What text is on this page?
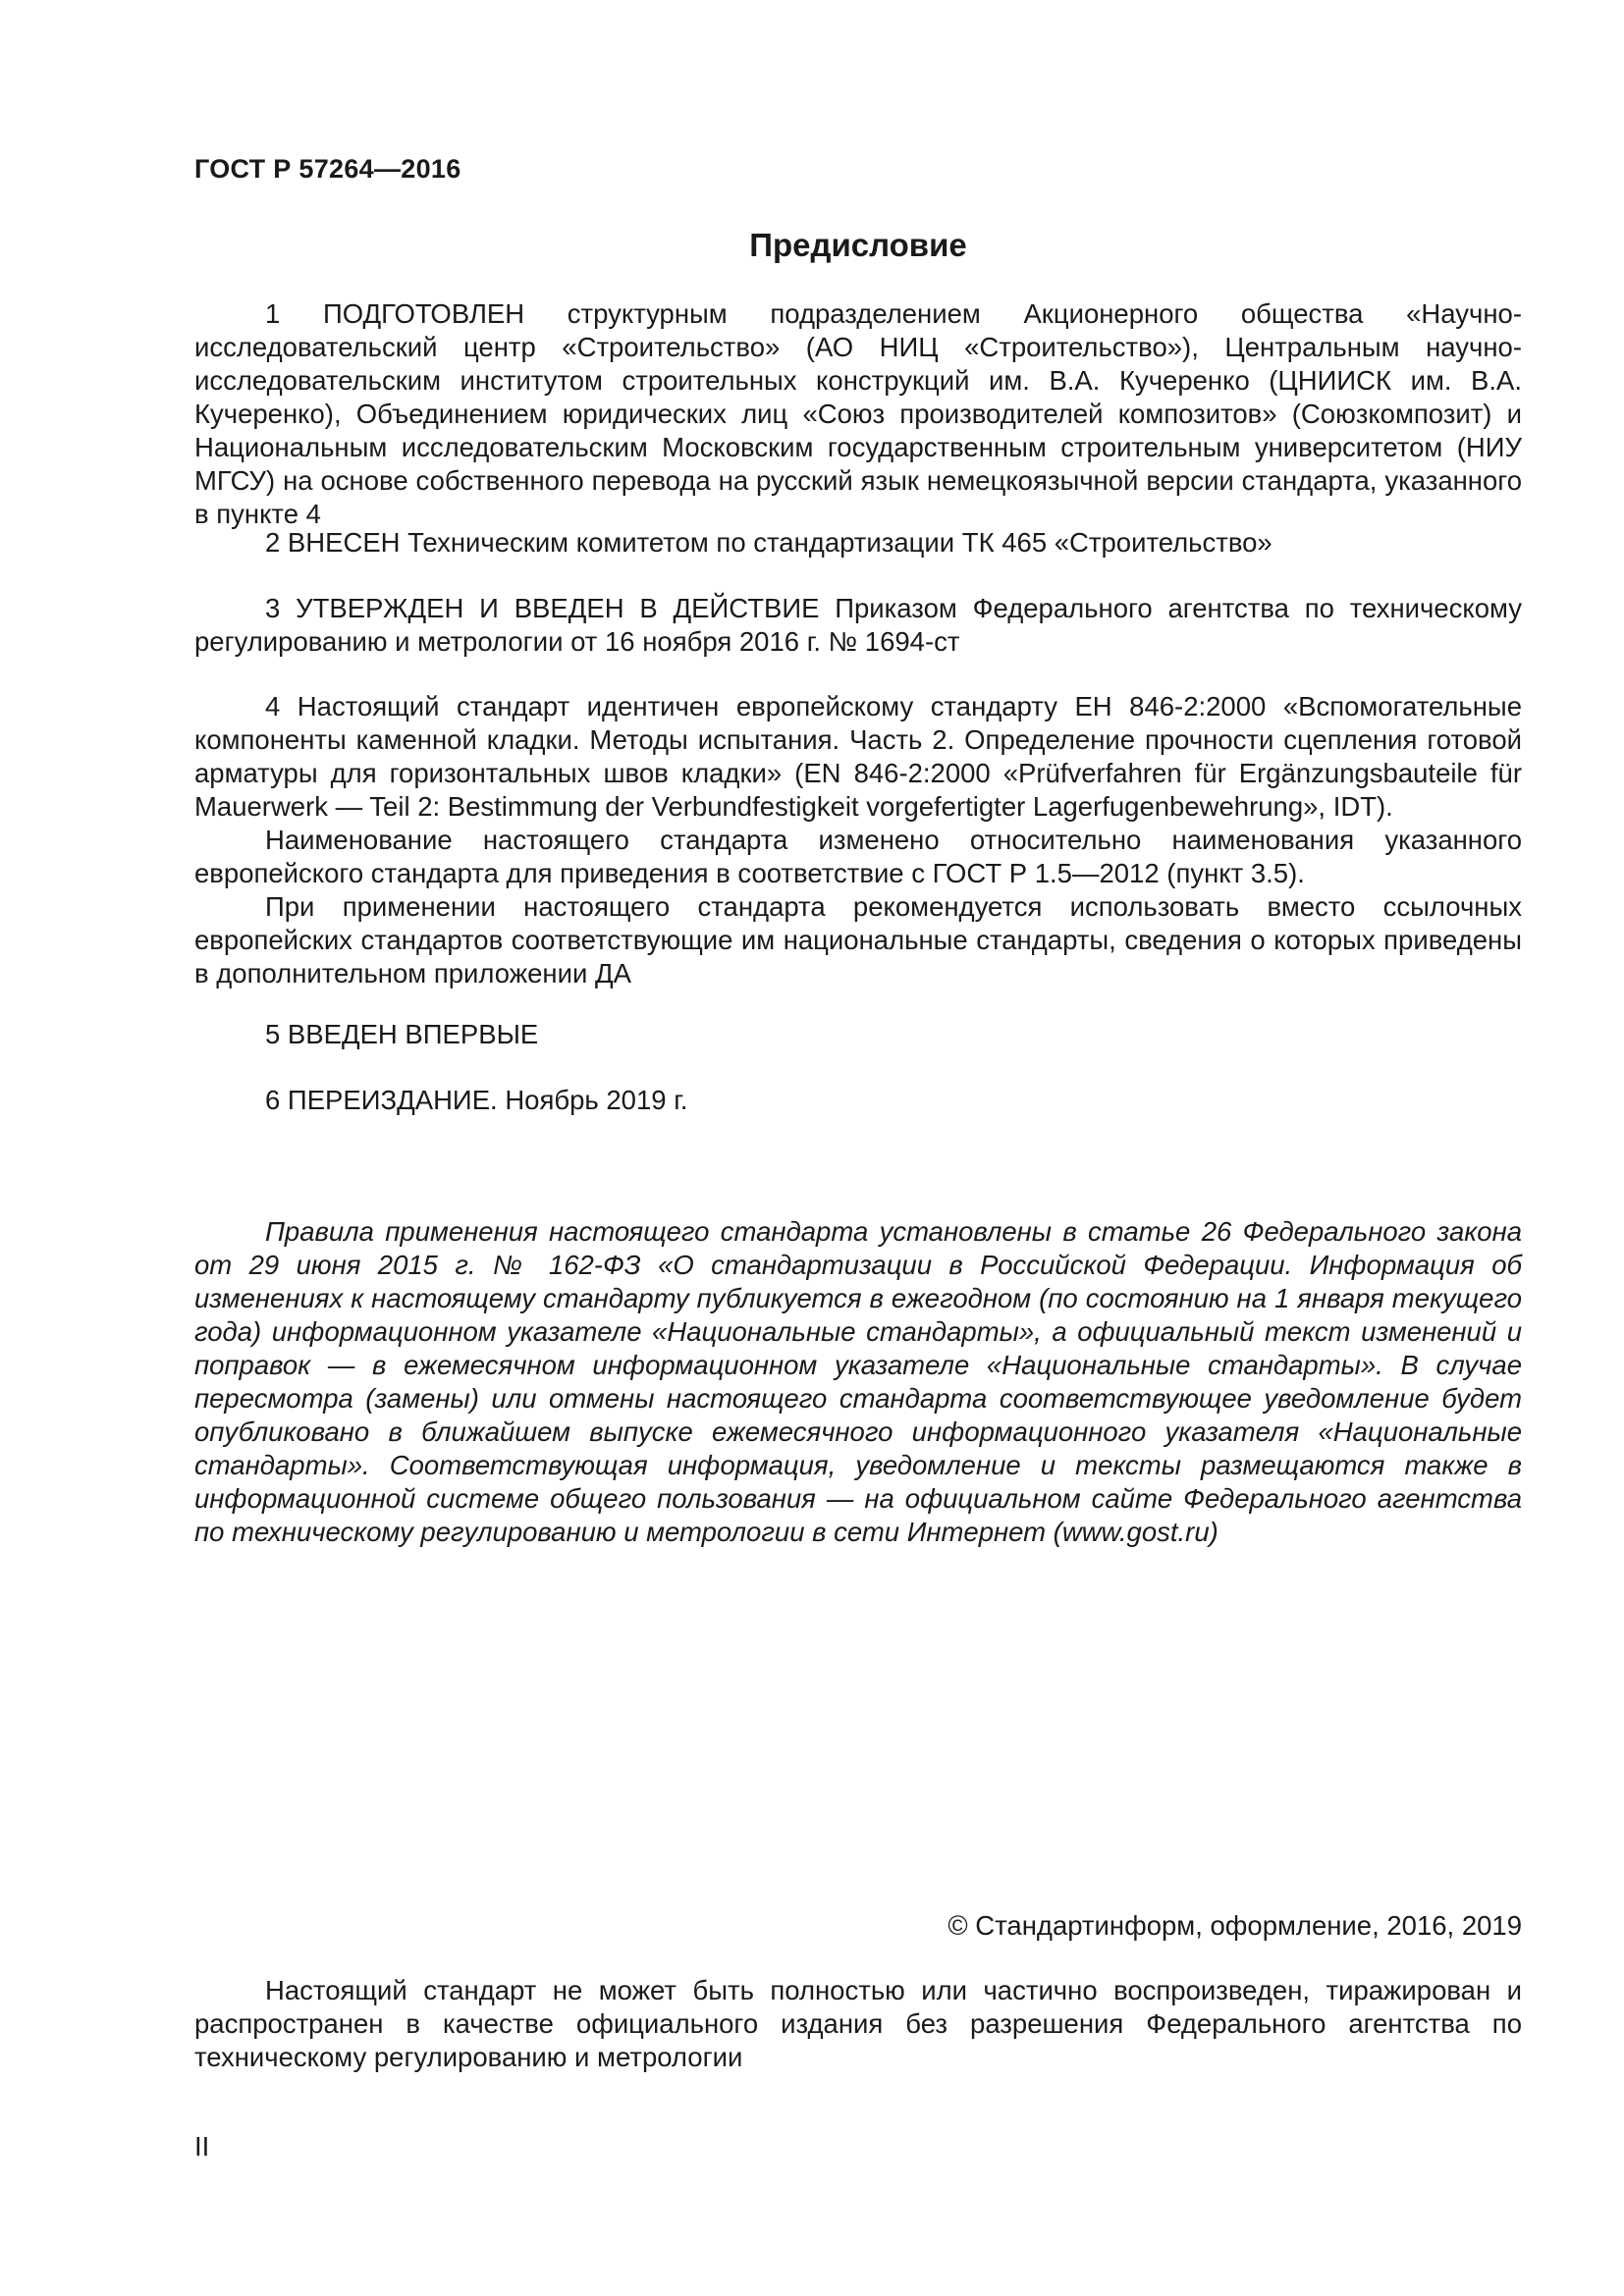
ГОСТ Р 57264—2016
Предисловие

1 ПОДГОТОВЛЕН структурным подразделением Акционерного общества «Научно-исследовательский центр «Строительство» (АО НИЦ «Строительство»), Центральным научно-исследовательским институтом строительных конструкций им. В.А. Кучеренко (ЦНИИСК им. В.А. Кучеренко), Объединением юридических лиц «Союз производителей композитов» (Союзкомпозит) и Национальным исследовательским Московским государственным строительным университетом (НИУ МГСУ) на основе собственного перевода на русский язык немецкоязычной версии стандарта, указанного в пункте 4

2 ВНЕСЕН Техническим комитетом по стандартизации ТК 465 «Строительство»

3 УТВЕРЖДЕН И ВВЕДЕН В ДЕЙСТВИЕ Приказом Федерального агентства по техническому регулированию и метрологии от 16 ноября 2016 г. № 1694-ст

4 Настоящий стандарт идентичен европейскому стандарту ЕН 846-2:2000 «Вспомогательные компоненты каменной кладки. Методы испытания. Часть 2. Определение прочности сцепления готовой арматуры для горизонтальных швов кладки» (EN 846-2:2000 «Prüfverfahren für Ergänzungsbauteile für Mauerwerk — Teil 2: Bestimmung der Verbundfestigkeit vorgefertigter Lagerfugenbewehrung», IDT).

Наименование настоящего стандарта изменено относительно наименования указанного европейского стандарта для приведения в соответствие с ГОСТ Р 1.5—2012 (пункт 3.5).

При применении настоящего стандарта рекомендуется использовать вместо ссылочных европейских стандартов соответствующие им национальные стандарты, сведения о которых приведены в дополнительном приложении ДА

5 ВВЕДЕН ВПЕРВЫЕ

6 ПЕРЕИЗДАНИЕ. Ноябрь 2019 г.

Правила применения настоящего стандарта установлены в статье 26 Федерального закона от 29 июня 2015 г. № 162-ФЗ «О стандартизации в Российской Федерации. Информация об изменениях к настоящему стандарту публикуется в ежегодном (по состоянию на 1 января текущего года) информационном указателе «Национальные стандарты», а официальный текст изменений и поправок — в ежемесячном информационном указателе «Национальные стандарты». В случае пересмотра (замены) или отмены настоящего стандарта соответствующее уведомление будет опубликовано в ближайшем выпуске ежемесячного информационного указателя «Национальные стандарты». Соответствующая информация, уведомление и тексты размещаются также в информационной системе общего пользования — на официальном сайте Федерального агентства по техническому регулированию и метрологии в сети Интернет (www.gost.ru)

© Стандартинформ, оформление, 2016, 2019

Настоящий стандарт не может быть полностью или частично воспроизведен, тиражирован и распространен в качестве официального издания без разрешения Федерального агентства по техническому регулированию и метрологии

II
